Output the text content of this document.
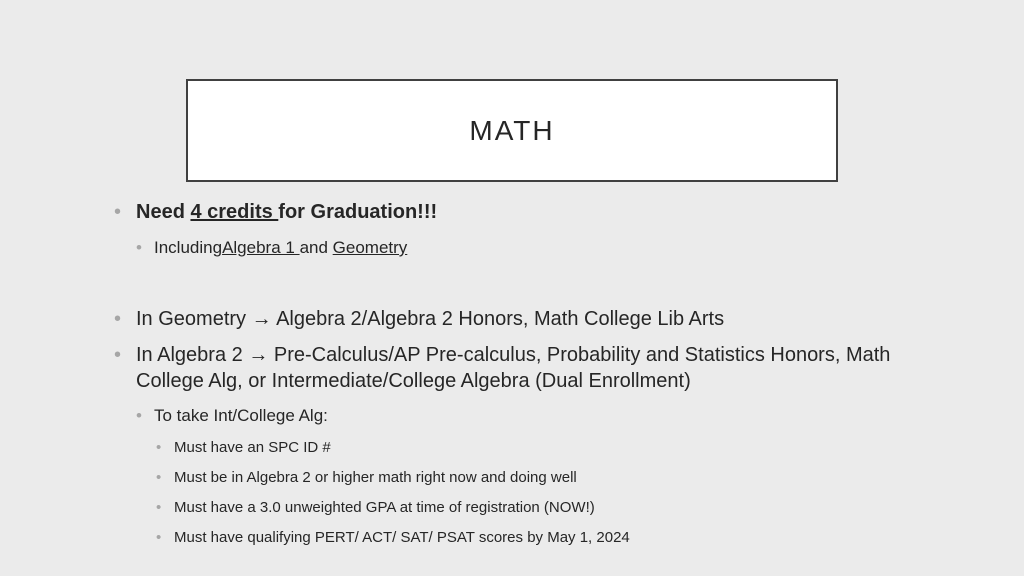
MATH
• Need 4 credits for Graduation!!!
• IncludingAlgebra 1 and Geometry
• In Geometry → Algebra 2/Algebra 2 Honors, Math College Lib Arts
• In Algebra 2 → Pre-Calculus/AP Pre-calculus, Probability and Statistics Honors, Math
College Alg, or Intermediate/College Algebra (Dual Enrollment)
• To take Int/College Alg:
• Must have an SPC ID #
• Must be in Algebra 2 or higher math right now and doing well
• Must have a 3.0 unweighted GPA at time of registration (NOW!)
• Must have qualifying PERT/ ACT/ SAT/ PSAT scores by May 1, 2024
